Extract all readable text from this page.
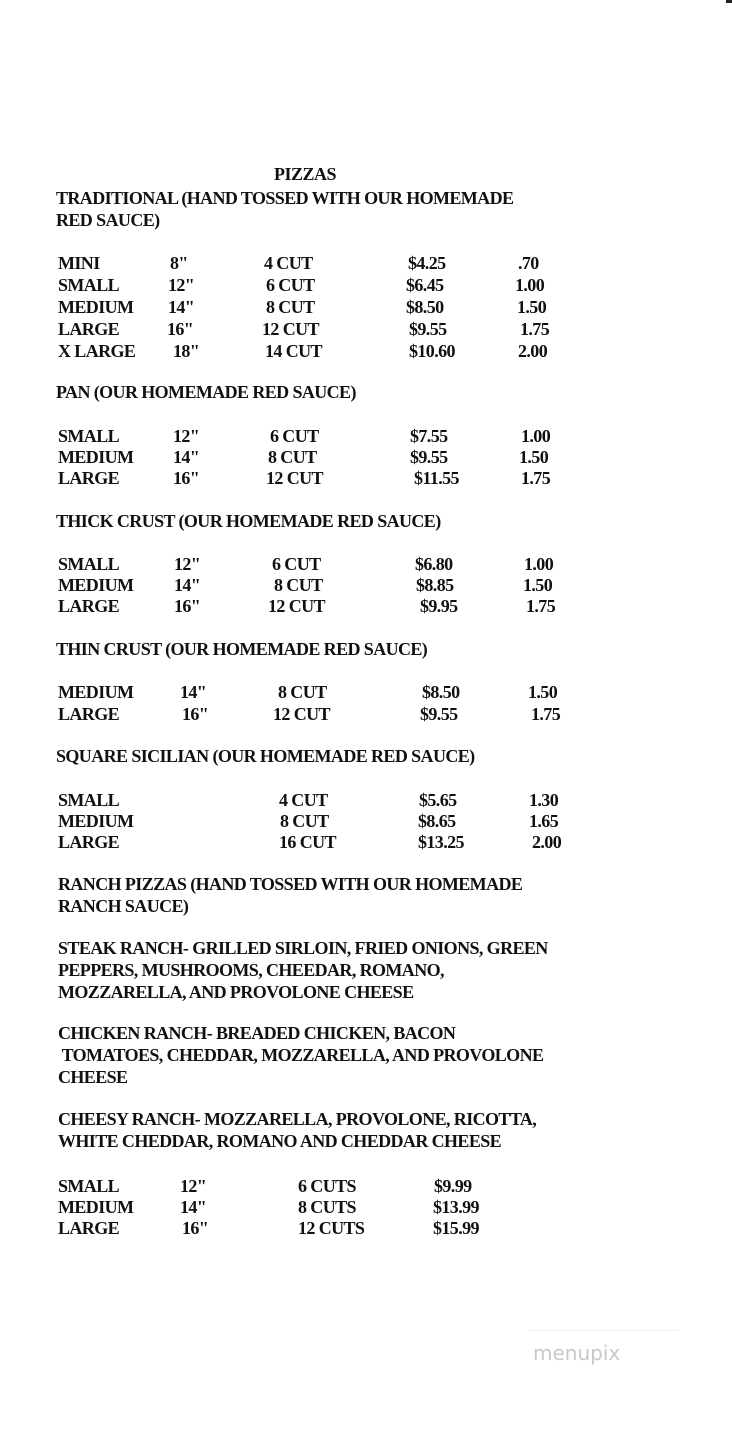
PIZZAS
TRADITIONAL (HAND TOSSED WITH OUR HOMEMADE
RED SAUCE)
MINI	8"	4 CUT	$4.25	.70
SMALL	12"	6 CUT	$6.45	1.00
MEDIUM 14"	8 CUT	$8.50	1.50
LARGE	16"	12 CUT	$9.55	1.75
X LARGE 18"	14 CUT	$10.60	2.00
PAN (OUR HOMEMADE RED SAUCE)
SMALL	12"	6 CUT	$7.55	1.00
MEDIUM 14"	8 CUT	$9.55	1.50
LARGE	16"	12 CUT	$11.55	1.75
THICK CRUST (OUR HOMEMADE RED SAUCE)
SMALL	12"	6 CUT	$6.80	1.00
MEDIUM 14"	8 CUT	$8.85	1.50
LARGE	16"	12 CUT	$9.95	1.75
THIN CRUST (OUR HOMEMADE RED SAUCE)
MEDIUM	14"	8 CUT	$8.50	1.50
LARGE	16"	12 CUT	$9.55	1.75
SQUARE SICILIAN (OUR HOMEMADE RED SAUCE)
SMALL	4 CUT	$5.65	1.30
MEDIUM	8 CUT	$8.65	1.65
LARGE	16 CUT	$13.25	2.00
RANCH PIZZAS (HAND TOSSED WITH OUR HOMEMADE
RANCH SAUCE)
STEAK RANCH- GRILLED SIRLOIN, FRIED ONIONS, GREEN
PEPPERS, MUSHROOMS, CHEEDAR, ROMANO,
MOZZARELLA, AND PROVOLONE CHEESE
CHICKEN RANCH- BREADED CHICKEN, BACON
TOMATOES, CHEDDAR, MOZZARELLA, AND PROVOLONE
CHEESE
CHEESY RANCH- MOZZARELLA, PROVOLONE, RICOTTA,
WHITE CHEDDAR, ROMANO AND CHEDDAR CHEESE
SMALL	12"	6 CUTS	$9.99
MEDIUM	14"	8 CUTS	$13.99
LARGE	16"	12 CUTS	$15.99
menupix
